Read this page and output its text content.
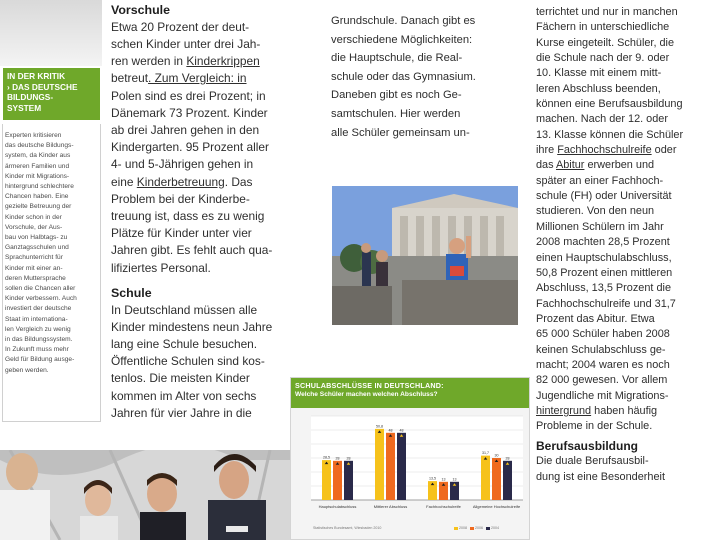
IN DER KRITIK
› DAS DEUTSCHE
BILDUNGS-
SYSTEM
Experten kritisieren
das deutsche Bildungs-
system, da Kinder aus
ärmeren Familien und
Kinder mit Migrations-
hintergrund schlechtere
Chancen haben. Eine
gezielte Betreuung der
Kinder schon in der
Vorschule, der Aus-
bau von Halbtags- zu
Ganztagsschulen und
Sprachunterricht für
Kinder mit einer an-
deren Muttersprache
sollen die Chancen aller
Kinder verbessern. Auch
investiert der deutsche
Staat im internationa-
len Vergleich zu wenig
in das Bildungssystem.
In Zukunft muss mehr
Geld für Bildung ausge-
geben werden.
Vorschule
Etwa 20 Prozent der deut-
schen Kinder unter drei Jah-
ren werden in Kinderkrippen
betreut. Zum Vergleich: in
Polen sind es drei Prozent; in
Dänemark 73 Prozent. Kinder
ab drei Jahren gehen in den
Kindergarten. 95 Prozent aller
4- und 5-Jährigen gehen in
eine Kinderbetreuung. Das
Problem bei der Kinderbe-
treuung ist, dass es zu wenig
Plätze für Kinder unter vier
Jahren gibt. Es fehlt auch qua-
lifiziertes Personal.
Schule
In Deutschland müssen alle
Kinder mindestens neun Jahre
lang eine Schule besuchen.
Öffentliche Schulen sind kos-
tenlos. Die meisten Kinder
kommen im Alter von sechs
Jahren für vier Jahre in die
Grundschule. Danach gibt es
verschiedene Möglichkeiten:
die Hauptschule, die Real-
schule oder das Gymnasium.
Daneben gibt es noch Ge-
samtschulen. Hier werden
alle Schüler gemeinsam un-
terrichtet und nur in manchen
Fächern in unterschiedliche
Kurse eingeteilt. Schüler, die
die Schule nach der 9. oder
10. Klasse mit einem mitt-
leren Abschluss beenden,
können eine Berufsausbildung
machen. Nach der 12. oder
13. Klasse können die Schüler
ihre Fachhochschulreife oder
das Abitur erwerben und
später an einer Fachhoch-
schule (FH) oder Universität
studieren. Von den neun
Millionen Schülern im Jahr
2008 machten 28,5 Prozent
einen Hauptschulabschluss,
50,8 Prozent einen mittleren
Abschluss, 13,5 Prozent die
Fachhochschulreife und 31,7
Prozent das Abitur. Etwa
65 000 Schüler haben 2008
keinen Schulabschluss ge-
macht; 2004 waren es noch
82 000 gewesen. Vor allem
Jugendliche mit Migrations-
hintergrund haben häufig
Probleme in der Schule.
Berufsausbildung
Die duale Berufsausbil-
dung ist eine Besonderheit
SCHULABSCHLÜSSE IN DEUTSCHLAND:
Welche Schüler machen welchen Abschluss?
28,5 28 28
Hauptschulabschluss
50,8
48 48
Mittlerer Abschluss
13,5 13 13
Fachhochschulreife
31,7
30
28
Allgemeine Hochschulreife
Statistisches Bundesamt, Wiesbaden 2010	2008 2006 2004
